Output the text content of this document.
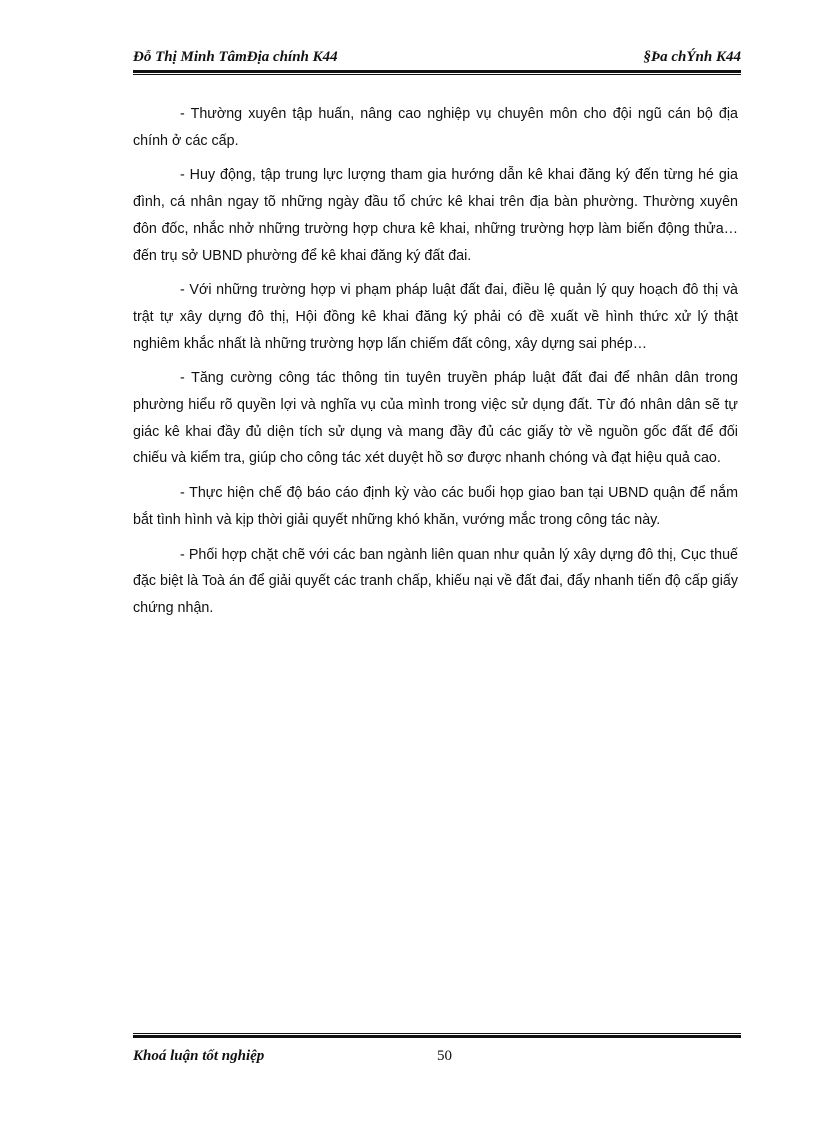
Đỗ Thị Minh TâmĐịa chính K44	§Þa chÝnh K44

- Thường xuyên tập huấn, nâng cao nghiệp vụ chuyên môn cho đội ngũ cán bộ địa chính ở các cấp.

- Huy động, tập trung lực lượng tham gia hướng dẫn kê khai đăng ký đến từng hé gia đình, cá nhân ngay tõ những ngày đầu tổ chức kê khai trên địa bàn phường. Thường xuyên đôn đốc, nhắc nhở những trường hợp chưa kê khai, những trường hợp làm biến động thửa… đến trụ sở UBND phường để kê khai đăng ký đất đai.

- Với những trường hợp vi phạm pháp luật đất đai, điều lệ quản lý quy hoạch đô thị và trật tự xây dựng đô thị, Hội đồng kê khai đăng ký phải có đề xuất về hình thức xử lý thật nghiêm khắc nhất là những trường hợp lấn chiếm đất công, xây dựng sai phép…

- Tăng cường công tác thông tin tuyên truyền pháp luật đất đai để nhân dân trong phường hiểu rõ quyền lợi và nghĩa vụ của mình trong việc sử dụng đất. Từ đó nhân dân sẽ tự giác kê khai đầy đủ diện tích sử dụng và mang đầy đủ các giấy tờ về nguồn gốc đất để đối chiếu và kiểm tra, giúp cho công tác xét duyệt hồ sơ được nhanh chóng và đạt hiệu quả cao.

- Thực hiện chế độ báo cáo định kỳ vào các buổi họp giao ban tại UBND quận để nắm bắt tình hình và kịp thời giải quyết những khó khăn, vướng mắc trong công tác này.

- Phối hợp chặt chẽ với các ban ngành liên quan như quản lý xây dựng đô thị, Cục thuế đặc biệt là Toà án để giải quyết các tranh chấp, khiếu nại về đất đai, đẩy nhanh tiến độ cấp giấy chứng nhận.

Khoá luận tốt nghiệp	50
